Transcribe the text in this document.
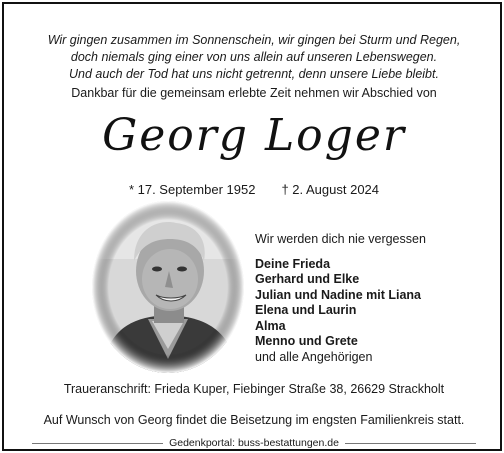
Wir gingen zusammen im Sonnenschein, wir gingen bei Sturm und Regen,
doch niemals ging einer von uns allein auf unseren Lebenswegen.
Und auch der Tod hat uns nicht getrennt, denn unsere Liebe bleibt.
Dankbar für die gemeinsam erlebte Zeit nehmen wir Abschied von
Georg Loger
* 17. September 1952 † 2. August 2024
Wir werden dich nie vergessen
Deine Frieda
Gerhard und Elke
Julian und Nadine mit Liana
Elena und Laurin
Alma
Menno und Grete
und alle Angehörigen
Traueranschrift: Frieda Kuper, Fiebinger Straße 38, 26629 Strackholt
Auf Wunsch von Georg findet die Beisetzung im engsten Familienkreis statt.
Gedenkportal: buss-bestattungen.de
